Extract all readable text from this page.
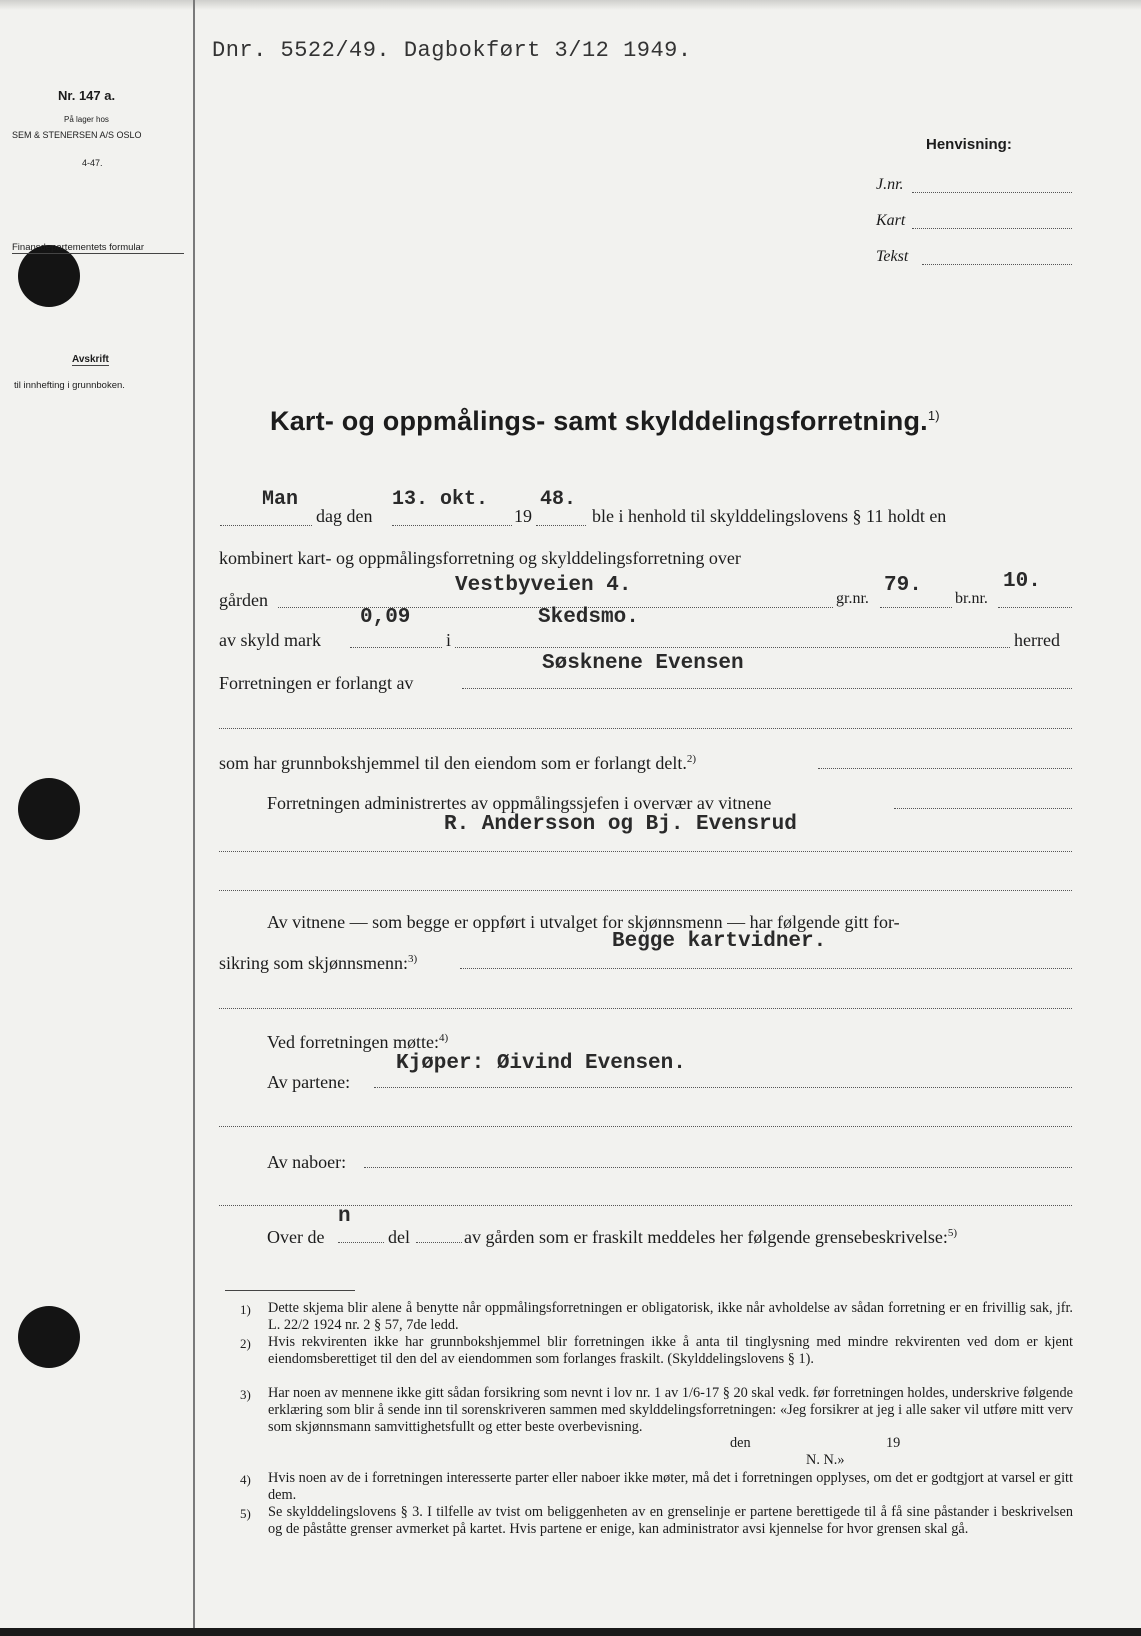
Dnr. 5522/49. Dagbokført 3/12 1949.
Nr. 147 a.
På lager hos
SEM & STENERSEN A/S OSLO
4-47.
Finansdepartementets formular
Avskrift
til innhefting i grunnboken.
Henvisning:
J.nr.
Kart
Tekst
Kart- og oppmålings- samt skylddelingsforretning.$^{1)}$
Man	13. okt.	48.
dag den	19	ble i henhold til skylddelingslovens § 11 holdt en
kombinert kart- og oppmålingsforretning og skylddelingsforretning over
Vestbyveien 4.	79.	10.
gården	gr.nr.	br.nr.
0,09	Skedsmo.
av skyld mark	i	herred
Søsknene Evensen
Forretningen er forlangt av
som har grunnbokshjemmel til den eiendom som er forlangt delt.$^{2)}$
Forretningen administrertes av oppmålingssjefen i overvær av vitnene
R. Andersson og Bj. Evensrud
Av vitnene — som begge er oppført i utvalget for skjønnsmenn — har følgende gitt for-
Begge kartvidner.
sikring som skjønnsmenn:$^{3)}$
Ved forretningen møtte:$^{4)}$
Kjøper: Øivind Evensen.
Av partene:
Av naboer:
n
Over de	del	av gården som er fraskilt meddeles her følgende grensebeskrivelse:$^{5)}$
1) Dette skjema blir alene å benytte når oppmålingsforretningen er obligatorisk, ikke når avholdelse av sådan forretning er en frivillig sak, jfr. L. 22/2 1924 nr. 2 § 57, 7de ledd.
2) Hvis rekvirenten ikke har grunnbokshjemmel blir forretningen ikke å anta til tinglysning med mindre rekvirenten ved dom er kjent eiendomsberettiget til den del av eiendommen som forlanges fraskilt. (Skylddelingslovens § 1).
3) Har noen av mennene ikke gitt sådan forsikring som nevnt i lov nr. 1 av 1/6-17 § 20 skal vedk. før forretningen holdes, underskrive følgende erklæring som blir å sende inn til sorenskriveren sammen med skylddelingsforretningen: «Jeg forsikrer at jeg i alle saker vil utføre mitt verv som skjønnsmann samvittighetsfullt og etter beste overbevisning.
den	19
N. N.»
4) Hvis noen av de i forretningen interesserte parter eller naboer ikke møter, må det i forretningen opplyses, om det er godtgjort at varsel er gitt dem.
5) Se skylddelingslovens § 3. I tilfelle av tvist om beliggenheten av en grenselinje er partene berettigede til å få sine påstander i beskrivelsen og de påståtte grenser avmerket på kartet. Hvis partene er enige, kan administrator avsi kjennelse for hvor grensen skal gå.
